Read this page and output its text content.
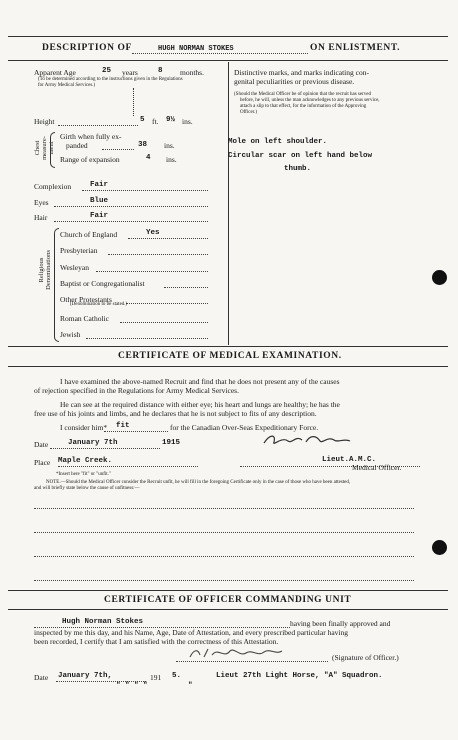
DESCRIPTION OF	HUGH NORMAN STOKES	ON ENLISTMENT.
Apparent Age	25 years	8 months.
(To be determined according to the instructions given in the Regulations
for Army Medical Services.)
Height	5 ft. 9½ ins.
Chest
measure-ment
Girth when fully ex-
panded	38 ins.
Range of expansion	4 ins.
Complexion	Fair
Eyes	Blue
Hair	Fair
Religious
Denominations
Church of England	Yes
Presbyterian
Wesleyan
Baptist or Congregationalist
Other Protestants
(Denomination to be stated.)
Roman Catholic
Jewish
Distinctive marks, and marks indicating con-
genital peculiarities or previous disease.
(Should the Medical Officer be of opinion that the recruit has served
before, he will, unless the man acknowledges to any previous service,
attach a slip to that effect, for the information of the Approving
Officer.)
Mole on left shoulder.
Circular scar on left hand below
thumb.
CERTIFICATE OF MEDICAL EXAMINATION.
I have examined the above-named Recruit and find that he does not present any of the causes
of rejection specified in the Regulations for Army Medical Services.
He can see at the required distance with either eye; his heart and lungs are healthy; he has the
free use of his joints and limbs, and he declares that he is not subject to fits of any description.
I consider him* fit	for the Canadian Over-Seas Expeditionary Force.
Date	January 7th	1915
Place Maple Creek.	Lieut.A.M.C.
Medical Officer.
*Insert here "fit" or "unfit."
NOTE.—Should the Medical Officer consider the Recruit unfit, he will fill in the foregoing Certificate only in the case of those who have been attested,
and will briefly state below the cause of unfitness:—
CERTIFICATE OF OFFICER COMMANDING UNIT
Hugh Norman Stokes	having been finally approved and
inspected by me this day, and his Name, Age, Date of Attestation, and every prescribed particular having
been recorded, I certify that I am satisfied with the correctness of this Attestation.
(Signature of Officer.)
Date January 7th,
" " " "
191 5.
"
Lieut 27th Light Horse, "A" Squadron.
